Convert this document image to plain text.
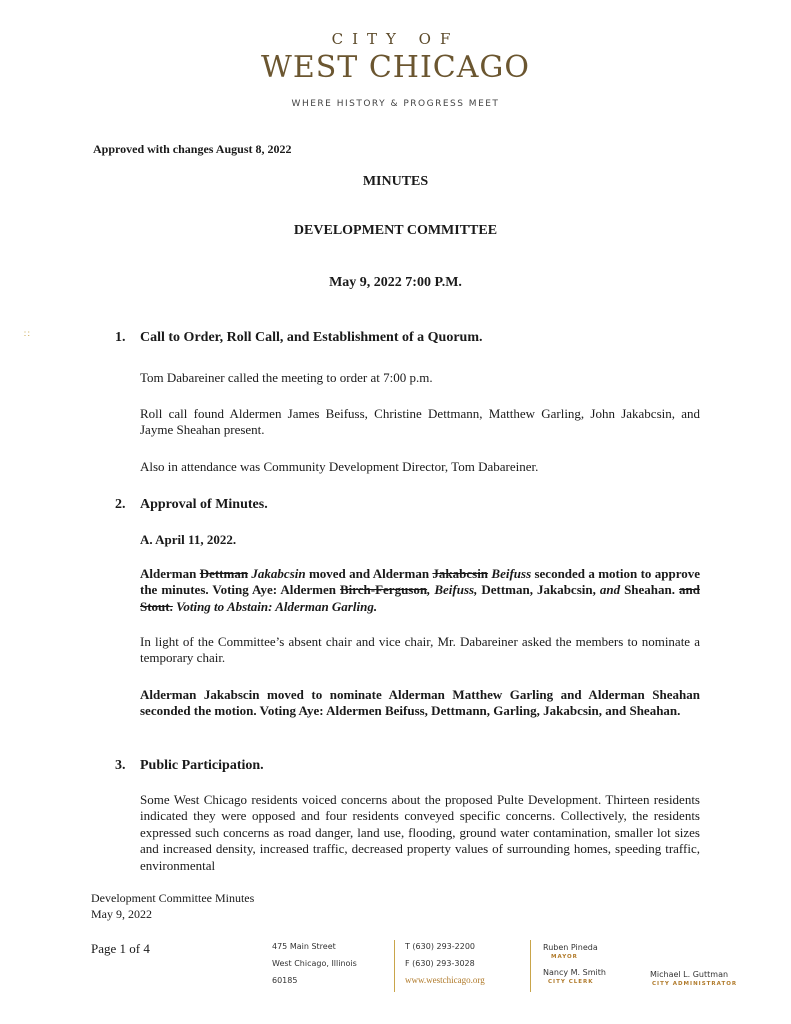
CITY OF
WEST CHICAGO
WHERE HISTORY & PROGRESS MEET
Approved with changes August 8, 2022
MINUTES
DEVELOPMENT COMMITTEE
May 9, 2022 7:00 P.M.
∷	1. Call to Order, Roll Call, and Establishment of a Quorum.
Tom Dabareiner called the meeting to order at 7:00 p.m.
Roll call found Aldermen James Beifuss, Christine Dettmann, Matthew Garling, John Jakabcsin, and Jayme Sheahan present.
Also in attendance was Community Development Director, Tom Dabareiner.
2. Approval of Minutes.
A. April 11, 2022.
Alderman Dettman Jakabcsin moved and Alderman Jakabcsin Beifuss seconded a motion to approve the minutes. Voting Aye: Aldermen Birch-Ferguson, Beifuss, Dettman, Jakabcsin, and Sheahan. and Stout. Voting to Abstain: Alderman Garling.
In light of the Committee’s absent chair and vice chair, Mr. Dabareiner asked the members to nominate a temporary chair.
Alderman Jakabscin moved to nominate Alderman Matthew Garling and Alderman Sheahan seconded the motion. Voting Aye: Aldermen Beifuss, Dettmann, Garling, Jakabcsin, and Sheahan.
3. Public Participation.
Some West Chicago residents voiced concerns about the proposed Pulte Development. Thirteen residents indicated they were opposed and four residents conveyed specific concerns. Collectively, the residents expressed such concerns as road danger, land use, flooding, ground water contamination, smaller lot sizes and increased density, increased traffic, decreased property values of surrounding homes, speeding traffic, environmental
Development Committee Minutes
May 9, 2022
Page 1 of 4	475 Main Street
West Chicago, Illinois
60185
T (630) 293-2200
F (630) 293-3028
www.westchicago.org
Ruben Pineda
MAYOR
Nancy M. Smith
CITY CLERK
Michael L. Guttman
CITY ADMINISTRATOR
